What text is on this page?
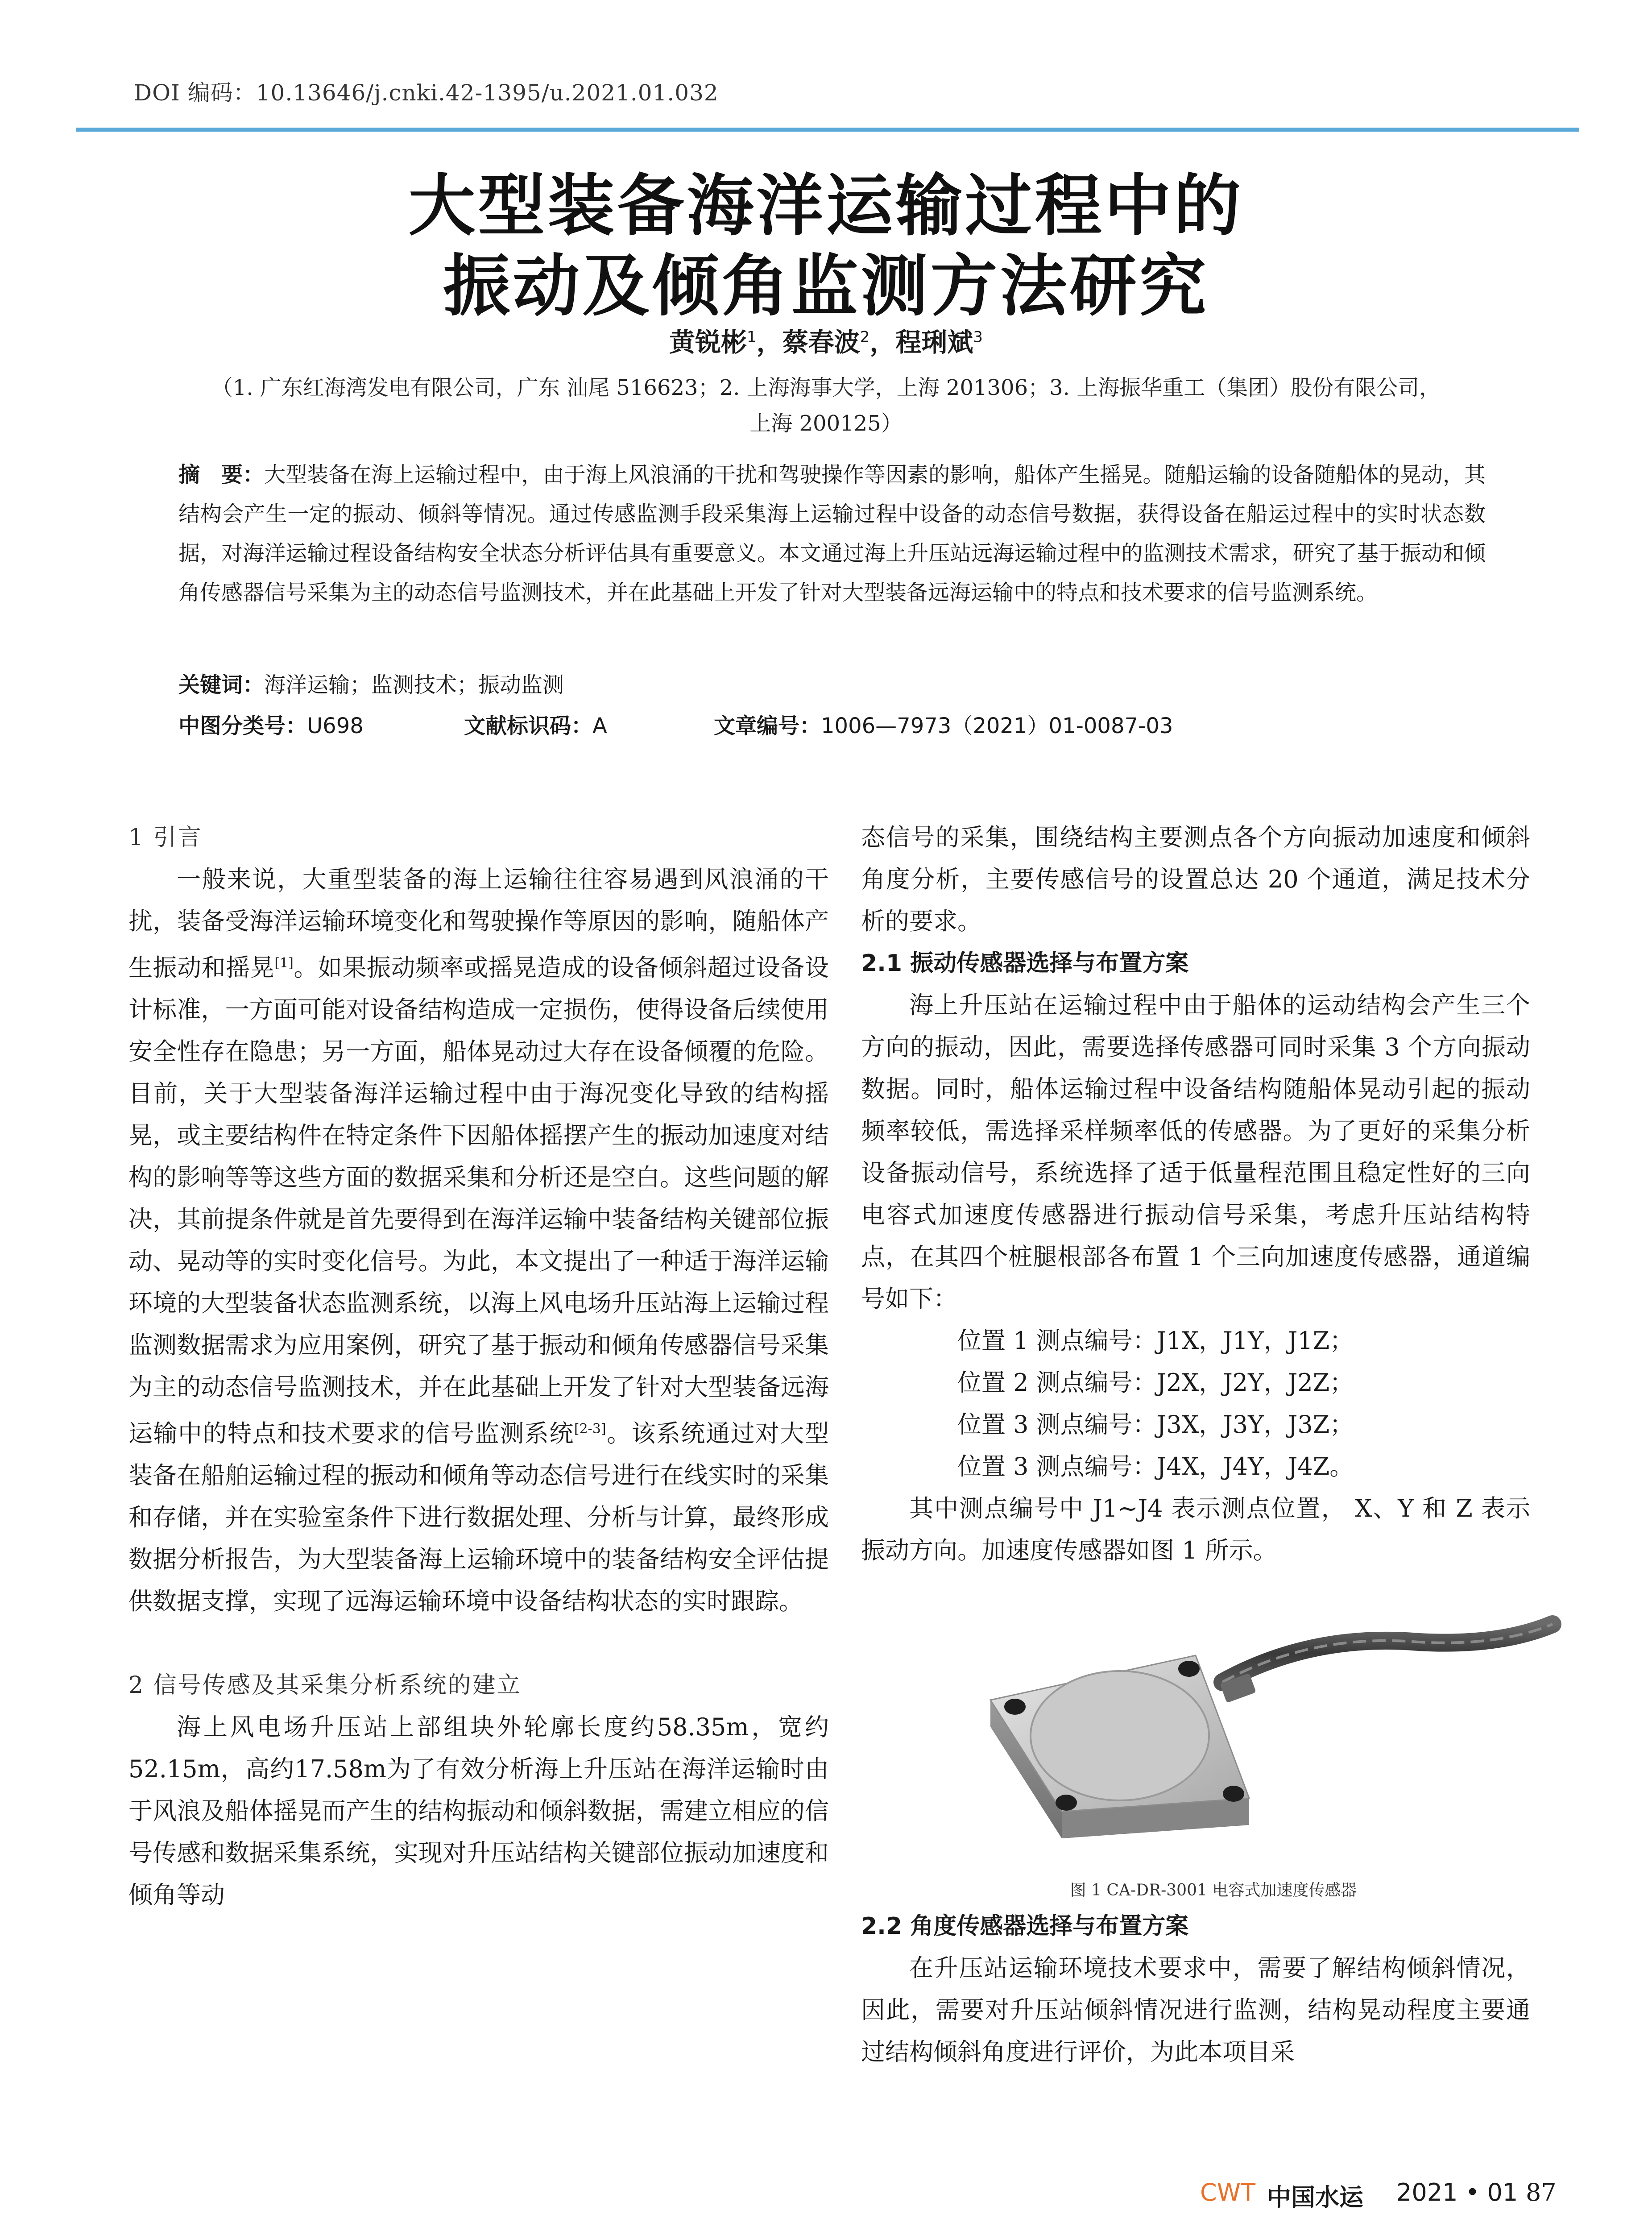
DOI 编码：10.13646/j.cnki.42-1395/u.2021.01.032
大型装备海洋运输过程中的
振动及倾角监测方法研究
黄锐彬$^1$，蔡春波$^2$，程琍斌$^3$
（1. 广东红海湾发电有限公司，广东 汕尾 516623；2. 上海海事大学，上海 201306；3. 上海振华重工（集团）股份有限公司，
上海 200125）
摘　要：大型装备在海上运输过程中，由于海上风浪涌的干扰和驾驶操作等因素的影响，船体产生摇晃。随船运输的设备随船体的晃动，其结构会产生一定的振动、倾斜等情况。通过传感监测手段采集海上运输过程中设备的动态信号数据，获得设备在船运过程中的实时状态数据，对海洋运输过程设备结构安全状态分析评估具有重要意义。本文通过海上升压站远海运输过程中的监测技术需求，研究了基于振动和倾角传感器信号采集为主的动态信号监测技术，并在此基础上开发了针对大型装备远海运输中的特点和技术要求的信号监测系统。
关键词：海洋运输；监测技术；振动监测
中图分类号：U698	文献标识码：A	文章编号：1006—7973（2021）01-0087-03
1 引言

一般来说，大重型装备的海上运输往往容易遇到风浪涌的干扰，装备受海洋运输环境变化和驾驶操作等原因的影响，随船体产生振动和摇晃[1]。如果振动频率或摇晃造成的设备倾斜超过设备设计标准，一方面可能对设备结构造成一定损伤，使得设备后续使用安全性存在隐患；另一方面，船体晃动过大存在设备倾覆的危险。目前，关于大型装备海洋运输过程中由于海况变化导致的结构摇晃，或主要结构件在特定条件下因船体摇摆产生的振动加速度对结构的影响等等这些方面的数据采集和分析还是空白。这些问题的解决，其前提条件就是首先要得到在海洋运输中装备结构关键部位振动、晃动等的实时变化信号。为此，本文提出了一种适于海洋运输环境的大型装备状态监测系统，以海上风电场升压站海上运输过程监测数据需求为应用案例，研究了基于振动和倾角传感器信号采集为主的动态信号监测技术，并在此基础上开发了针对大型装备远海运输中的特点和技术要求的信号监测系统[2-3]。该系统通过对大型装备在船舶运输过程的振动和倾角等动态信号进行在线实时的采集和存储，并在实验室条件下进行数据处理、分析与计算，最终形成数据分析报告，为大型装备海上运输环境中的装备结构安全评估提供数据支撑，实现了远海运输环境中设备结构状态的实时跟踪。

2 信号传感及其采集分析系统的建立

海上风电场升压站上部组块外轮廓长度约58.35m，宽约52.15m，高约17.58m为了有效分析海上升压站在海洋运输时由于风浪及船体摇晃而产生的结构振动和倾斜数据，需建立相应的信号传感和数据采集系统，实现对升压站结构关键部位振动加速度和倾角等动

态信号的采集，围绕结构主要测点各个方向振动加速度和倾斜角度分析，主要传感信号的设置总达 20 个通道，满足技术分析的要求。

2.1 振动传感器选择与布置方案

海上升压站在运输过程中由于船体的运动结构会产生三个方向的振动，因此，需要选择传感器可同时采集 3 个方向振动数据。同时，船体运输过程中设备结构随船体晃动引起的振动频率较低，需选择采样频率低的传感器。为了更好的采集分析设备振动信号，系统选择了适于低量程范围且稳定性好的三向电容式加速度传感器进行振动信号采集，考虑升压站结构特点，在其四个桩腿根部各布置 1 个三向加速度传感器，通道编号如下：

位置 1 测点编号：J1X，J1Y，J1Z；

位置 2 测点编号：J2X，J2Y，J2Z；

位置 3 测点编号：J3X，J3Y，J3Z；

位置 3 测点编号：J4X，J4Y，J4Z。

其中测点编号中 J1~J4 表示测点位置， X、Y 和 Z 表示振动方向。加速度传感器如图 1 所示。

图 1 CA-DR-3001 电容式加速度传感器
2.2 角度传感器选择与布置方案

在升压站运输环境技术要求中，需要了解结构倾斜情况，因此，需要对升压站倾斜情况进行监测，结构晃动程度主要通过结构倾斜角度进行评价，为此本项目采

CWT 中国水运 2021 • 01 87
